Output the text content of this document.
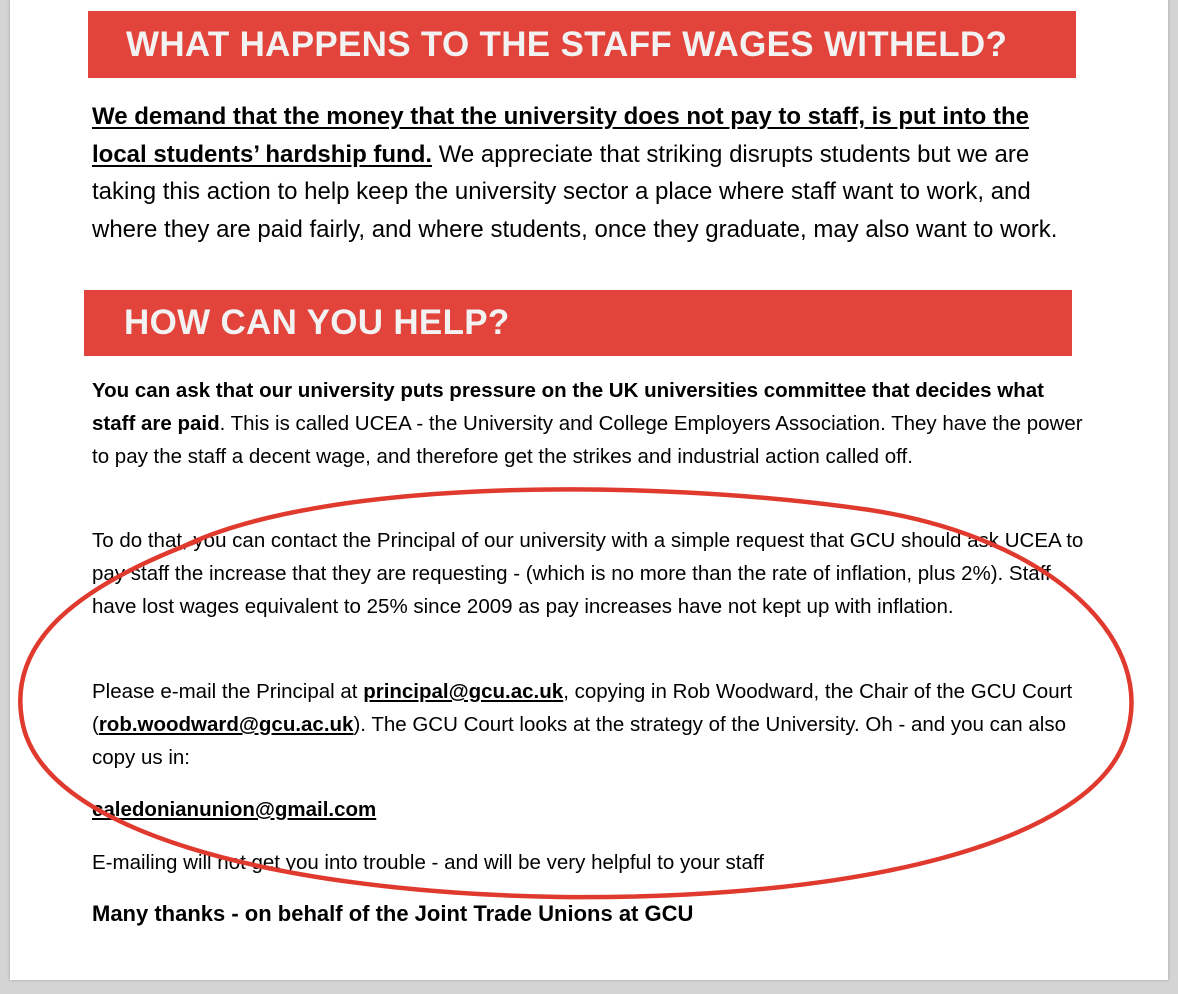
WHAT HAPPENS TO THE STAFF WAGES WITHELD?
We demand that the money that the university does not pay to staff, is put into the local students’ hardship fund. We appreciate that striking disrupts students but we are taking this action to help keep the university sector a place where staff want to work, and where they are paid fairly, and where students, once they graduate, may also want to work.
HOW CAN YOU HELP?
You can ask that our university puts pressure on the UK universities committee that decides what staff are paid. This is called UCEA - the University and College Employers Association. They have the power to pay the staff a decent wage, and therefore get the strikes and industrial action called off.
To do that, you can contact the Principal of our university with a simple request that GCU should ask UCEA to pay staff the increase that they are requesting - (which is no more than the rate of inflation, plus 2%). Staff have lost wages equivalent to 25% since 2009 as pay increases have not kept up with inflation.
Please e-mail the Principal at principal@gcu.ac.uk, copying in Rob Woodward, the Chair of the GCU Court (rob.woodward@gcu.ac.uk). The GCU Court looks at the strategy of the University. Oh - and you can also copy us in:
caledonianunion@gmail.com
E-mailing will not get you into trouble - and will be very helpful to your staff
Many thanks - on behalf of the Joint Trade Unions at GCU
